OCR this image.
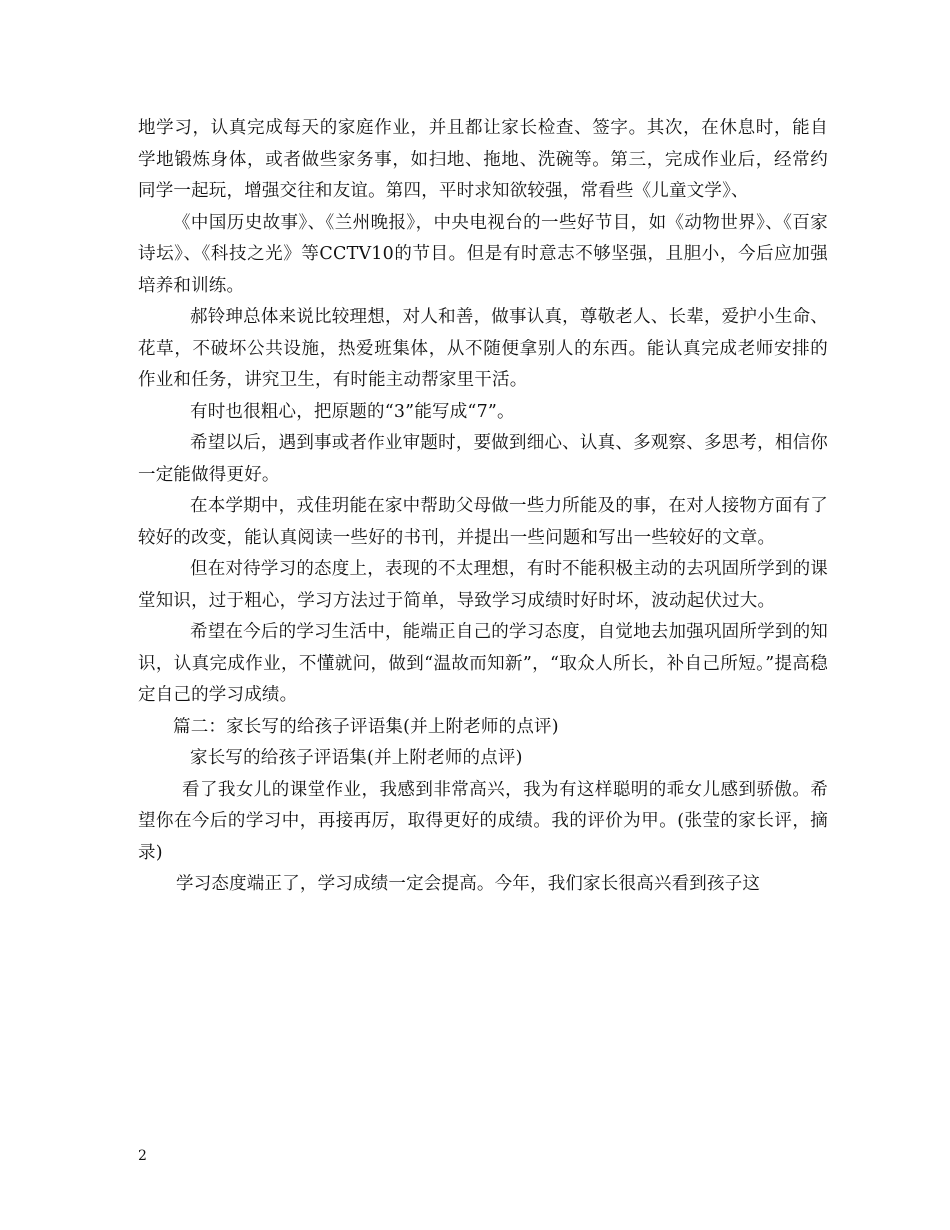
地学习，认真完成每天的家庭作业，并且都让家长检查、签字。其次，在休息时，能自学地锻炼身体，或者做些家务事，如扫地、拖地、洗碗等。第三，完成作业后，经常约同学一起玩，增强交往和友谊。第四，平时求知欲较强，常看些《儿童文学》、

《中国历史故事》、《兰州晚报》，中央电视台的一些好节目，如《动物世界》、《百家诗坛》、《科技之光》等CCTV10的节目。但是有时意志不够坚强，且胆小，今后应加强培养和训练。

郝铃珅总体来说比较理想，对人和善，做事认真，尊敬老人、长辈，爱护小生命、花草，不破坏公共设施，热爱班集体，从不随便拿别人的东西。能认真完成老师安排的作业和任务，讲究卫生，有时能主动帮家里干活。

有时也很粗心，把原题的“3”能写成“7”。

希望以后，遇到事或者作业审题时，要做到细心、认真、多观察、多思考，相信你一定能做得更好。

在本学期中，戎佳玥能在家中帮助父母做一些力所能及的事，在对人接物方面有了较好的改变，能认真阅读一些好的书刊，并提出一些问题和写出一些较好的文章。

但在对待学习的态度上，表现的不太理想，有时不能积极主动的去巩固所学到的课堂知识，过于粗心，学习方法过于简单，导致学习成绩时好时坏，波动起伏过大。

希望在今后的学习生活中，能端正自己的学习态度，自觉地去加强巩固所学到的知识，认真完成作业，不懂就问，做到“温故而知新”，“取众人所长，补自己所短。”提高稳定自己的学习成绩。

篇二：家长写的给孩子评语集(并上附老师的点评)

家长写的给孩子评语集(并上附老师的点评)

看了我女儿的课堂作业，我感到非常高兴，我为有这样聪明的乖女儿感到骄傲。希望你在今后的学习中，再接再厉，取得更好的成绩。我的评价为甲。(张莹的家长评，摘录)

学习态度端正了，学习成绩一定会提高。今年，我们家长很高兴看到孩子这

2
